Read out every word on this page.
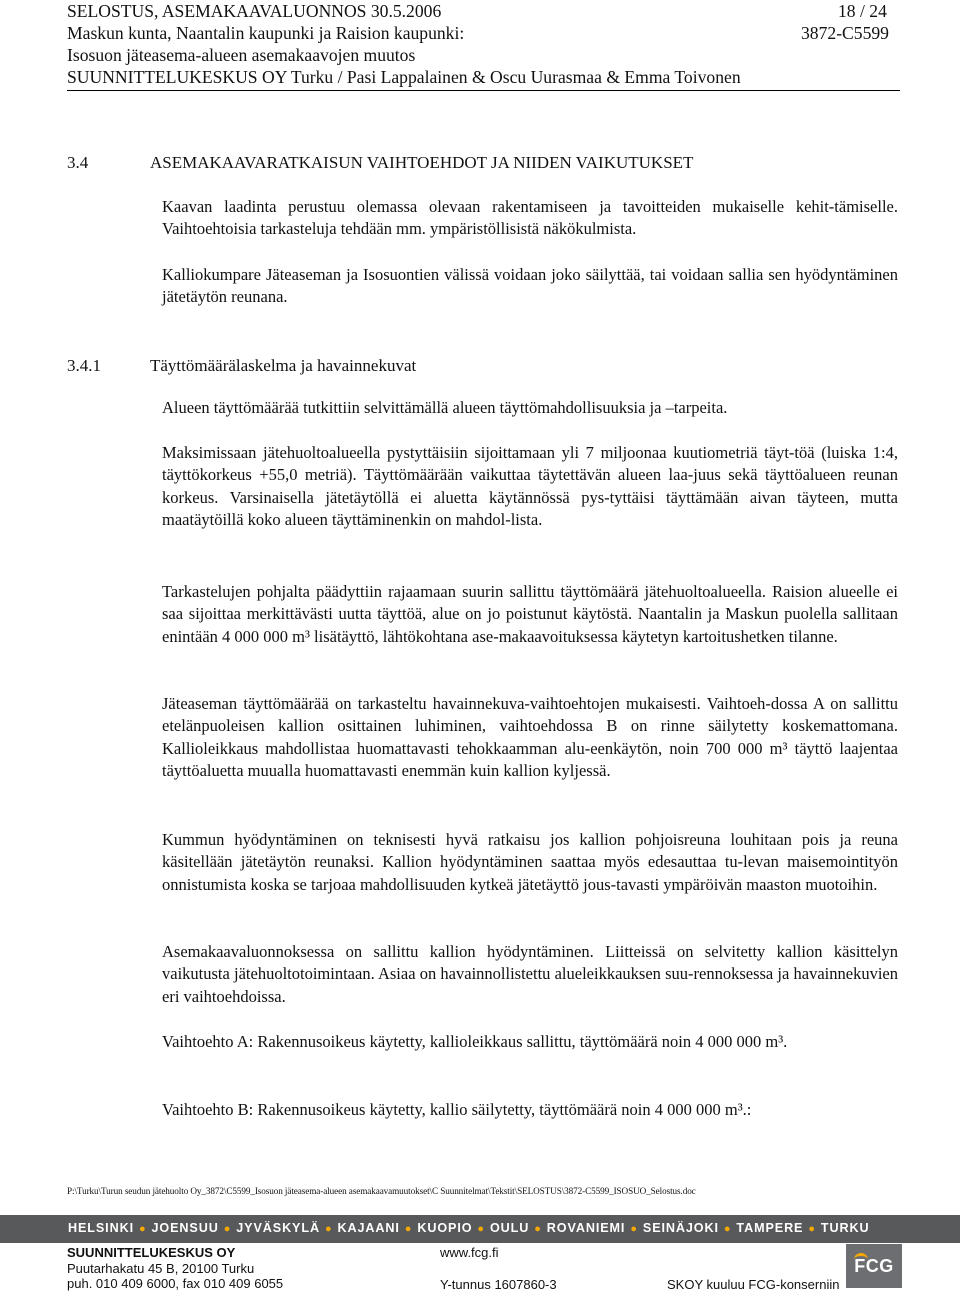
SELOSTUS, ASEMAKAAVALUONNOS 30.5.2006	18 / 24
Maskun kunta, Naantalin kaupunki ja Raision kaupunki:	3872-C5599
Isosuon jäteasema-alueen asemakaavojen muutos
SUUNNITTELUKESKUS OY Turku / Pasi Lappalainen & Oscu Uurasmaa & Emma Toivonen
3.4	ASEMAKAAVARATKAISUN VAIHTOEHDOT JA NIIDEN VAIKUTUKSET
Kaavan laadinta perustuu olemassa olevaan rakentamiseen ja tavoitteiden mukaiselle kehit-tämiselle. Vaihtoehtoisia tarkasteluja tehdään mm. ympäristöllisistä näkökulmista.
Kalliokumpare Jäteaseman ja Isosuontien välissä voidaan joko säilyttää, tai voidaan sallia sen hyödyntäminen jätetäytön reunana.
3.4.1	Täyttömäärälaskelma ja havainnekuvat
Alueen täyttömäärää tutkittiin selvittämällä alueen täyttömahdollisuuksia ja –tarpeita.
Maksimissaan jätehuoltoalueella pystyttäisiin sijoittamaan yli 7 miljoonaa kuutiometriä täyt-töä (luiska 1:4, täyttökorkeus +55,0 metriä). Täyttömäärään vaikuttaa täytettävän alueen laa-juus sekä täyttöalueen reunan korkeus. Varsinaisella jätetäytöllä ei aluetta käytännössä pys-tyttäisi täyttämään aivan täyteen, mutta maatäytöillä koko alueen täyttäminenkin on mahdol-lista.
Tarkastelujen pohjalta päädyttiin rajaamaan suurin sallittu täyttömäärä jätehuoltoalueella. Raision alueelle ei saa sijoittaa merkittävästi uutta täyttöä, alue on jo poistunut käytöstä. Naantalin ja Maskun puolella sallitaan enintään 4 000 000 m³ lisätäyttö, lähtökohtana ase-makaavoituksessa käytetyn kartoitushetken tilanne.
Jäteaseman täyttömäärää on tarkasteltu havainnekuva-vaihtoehtojen mukaisesti. Vaihtoeh-dossa A on sallittu etelänpuoleisen kallion osittainen luhiminen, vaihtoehdossa B on rinne säilytetty koskemattomana. Kallioleikkaus mahdollistaa huomattavasti tehokkaamman alu-eenkäytön, noin 700 000 m³ täyttö laajentaa täyttöaluetta muualla huomattavasti enemmän kuin kallion kyljessä.
Kummun hyödyntäminen on teknisesti hyvä ratkaisu jos kallion pohjoisreuna louhitaan pois ja reuna käsitellään jätetäytön reunaksi. Kallion hyödyntäminen saattaa myös edesauttaa tu-levan maisemointityön onnistumista koska se tarjoaa mahdollisuuden kytkeä jätetäyttö jous-tavasti ympäröivän maaston muotoihin.
Asemakaavaluonnoksessa on sallittu kallion hyödyntäminen. Liitteissä on selvitetty kallion käsittelyn vaikutusta jätehuoltotoimintaan. Asiaa on havainnollistettu alueleikkauksen suu-rennoksessa ja havainnekuvien eri vaihtoehdoissa.
Vaihtoehto A: Rakennusoikeus käytetty, kallioleikkaus sallittu, täyttömäärä noin 4 000 000 m³.
Vaihtoehto B: Rakennusoikeus käytetty, kallio säilytetty, täyttömäärä noin 4 000 000 m³.:
P:\Turku\Turun seudun jätehuolto Oy_3872\C5599_Isosuon jäteasema-alueen asemakaavamuutokset\C Suunnitelmat\Tekstit\SELOSTUS\3872-C5599_ISOSUO_Selostus.doc
HELSINKI ● JOENSUU ● JYVÄSKYLÄ ● KAJAANI ● KUOPIO ● OULU ● ROVANIEMI ● SEINÄJOKI ● TAMPERE ● TURKU
SUUNNITTELUKESKUS OY
Puutarhakatu 45 B, 20100 Turku
puh. 010 409 6000, fax 010 409 6055
www.fcg.fi
Y-tunnus 1607860-3	SKOY kuuluu FCG-konserniin
FCG
